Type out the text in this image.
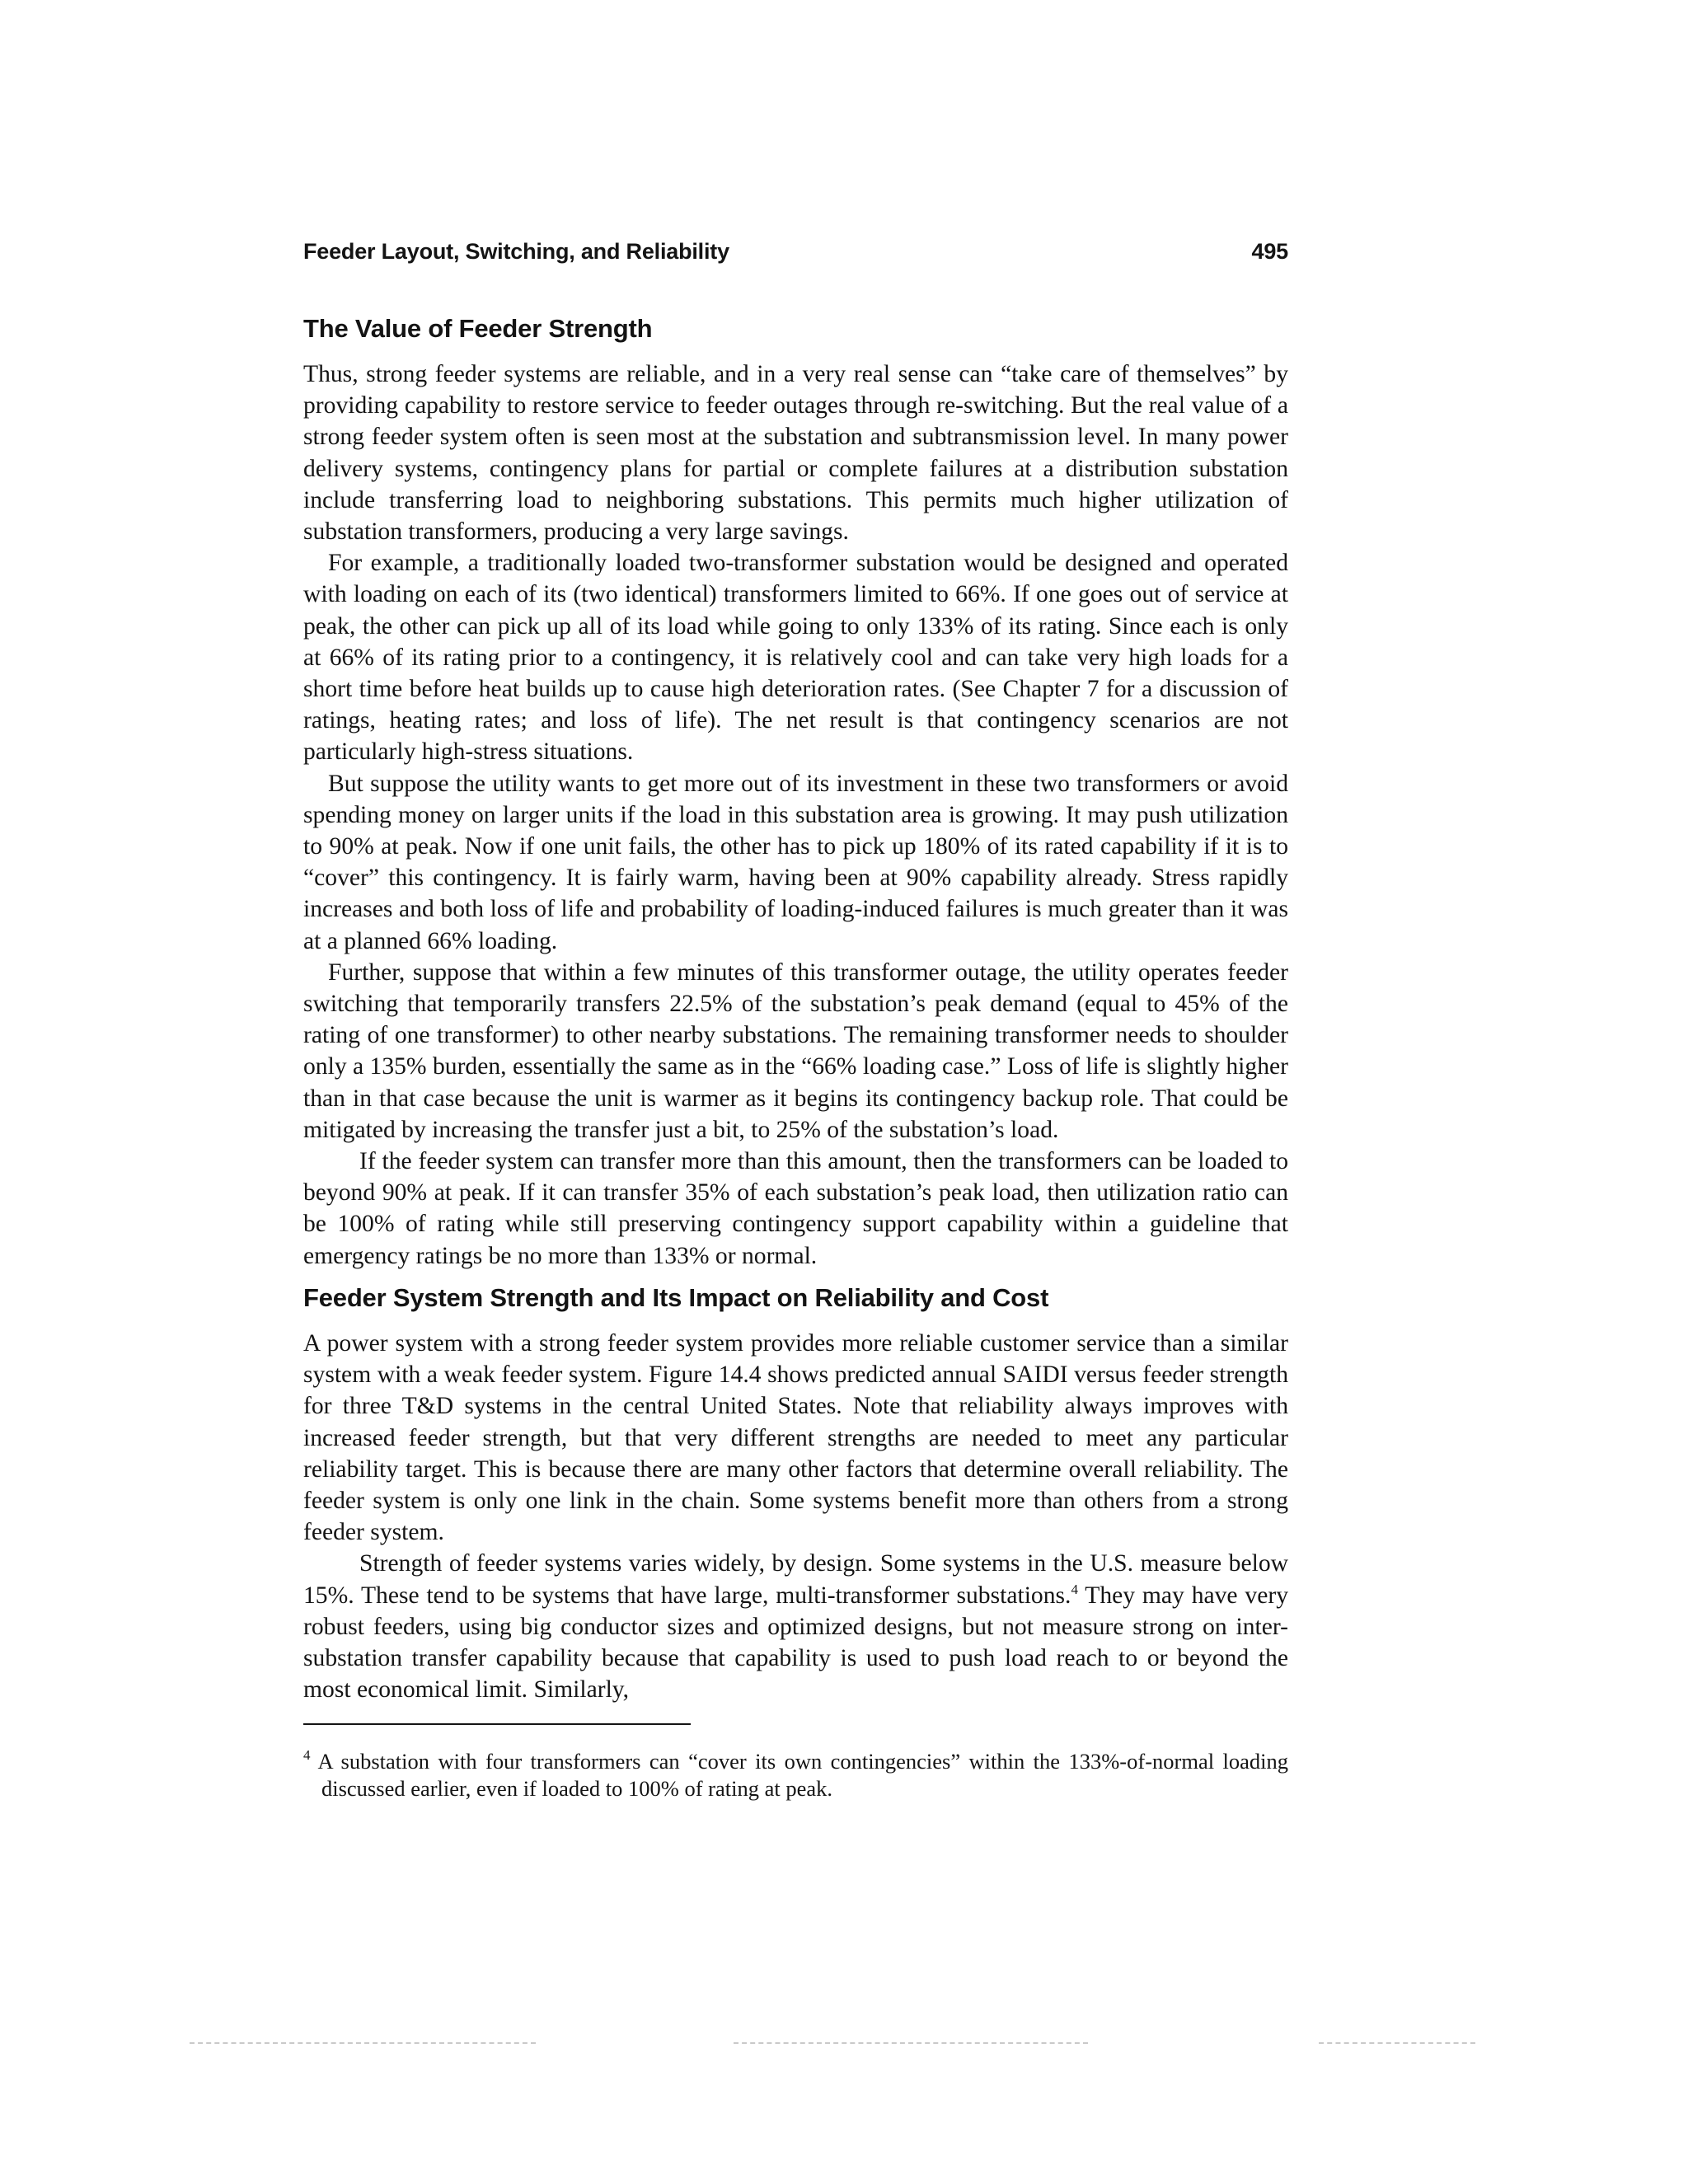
Feeder Layout, Switching, and Reliability	495
The Value of Feeder Strength

Thus, strong feeder systems are reliable, and in a very real sense can “take care of themselves” by providing capability to restore service to feeder outages through re-switching. But the real value of a strong feeder system often is seen most at the substation and subtransmission level. In many power delivery systems, contingency plans for partial or complete failures at a distribution substation include transferring load to neighboring substations. This permits much higher utilization of substation transformers, producing a very large savings.

For example, a traditionally loaded two-transformer substation would be designed and operated with loading on each of its (two identical) transformers limited to 66%. If one goes out of service at peak, the other can pick up all of its load while going to only 133% of its rating. Since each is only at 66% of its rating prior to a contingency, it is relatively cool and can take very high loads for a short time before heat builds up to cause high deterioration rates. (See Chapter 7 for a discussion of ratings, heating rates; and loss of life). The net result is that contingency scenarios are not particularly high-stress situations.

But suppose the utility wants to get more out of its investment in these two transformers or avoid spending money on larger units if the load in this substation area is growing. It may push utilization to 90% at peak. Now if one unit fails, the other has to pick up 180% of its rated capability if it is to “cover” this contingency. It is fairly warm, having been at 90% capability already. Stress rapidly increases and both loss of life and probability of loading-induced failures is much greater than it was at a planned 66% loading.

Further, suppose that within a few minutes of this transformer outage, the utility operates feeder switching that temporarily transfers 22.5% of the substation’s peak demand (equal to 45% of the rating of one transformer) to other nearby substations. The remaining transformer needs to shoulder only a 135% burden, essentially the same as in the “66% loading case.” Loss of life is slightly higher than in that case because the unit is warmer as it begins its contingency backup role. That could be mitigated by increasing the transfer just a bit, to 25% of the substation’s load.

If the feeder system can transfer more than this amount, then the transformers can be loaded to beyond 90% at peak. If it can transfer 35% of each substation’s peak load, then utilization ratio can be 100% of rating while still preserving contingency support capability within a guideline that emergency ratings be no more than 133% or normal.

Feeder System Strength and Its Impact on Reliability and Cost

A power system with a strong feeder system provides more reliable customer service than a similar system with a weak feeder system. Figure 14.4 shows predicted annual SAIDI versus feeder strength for three T&D systems in the central United States. Note that reliability always improves with increased feeder strength, but that very different strengths are needed to meet any particular reliability target. This is because there are many other factors that determine overall reliability. The feeder system is only one link in the chain. Some systems benefit more than others from a strong feeder system.

Strength of feeder systems varies widely, by design. Some systems in the U.S. measure below 15%. These tend to be systems that have large, multi-transformer substations.$^4$ They may have very robust feeders, using big conductor sizes and optimized designs, but not measure strong on inter-substation transfer capability because that capability is used to push load reach to or beyond the most economical limit. Similarly,

$^4$ A substation with four transformers can “cover its own contingencies” within the 133%-of-normal loading discussed earlier, even if loaded to 100% of rating at peak.
